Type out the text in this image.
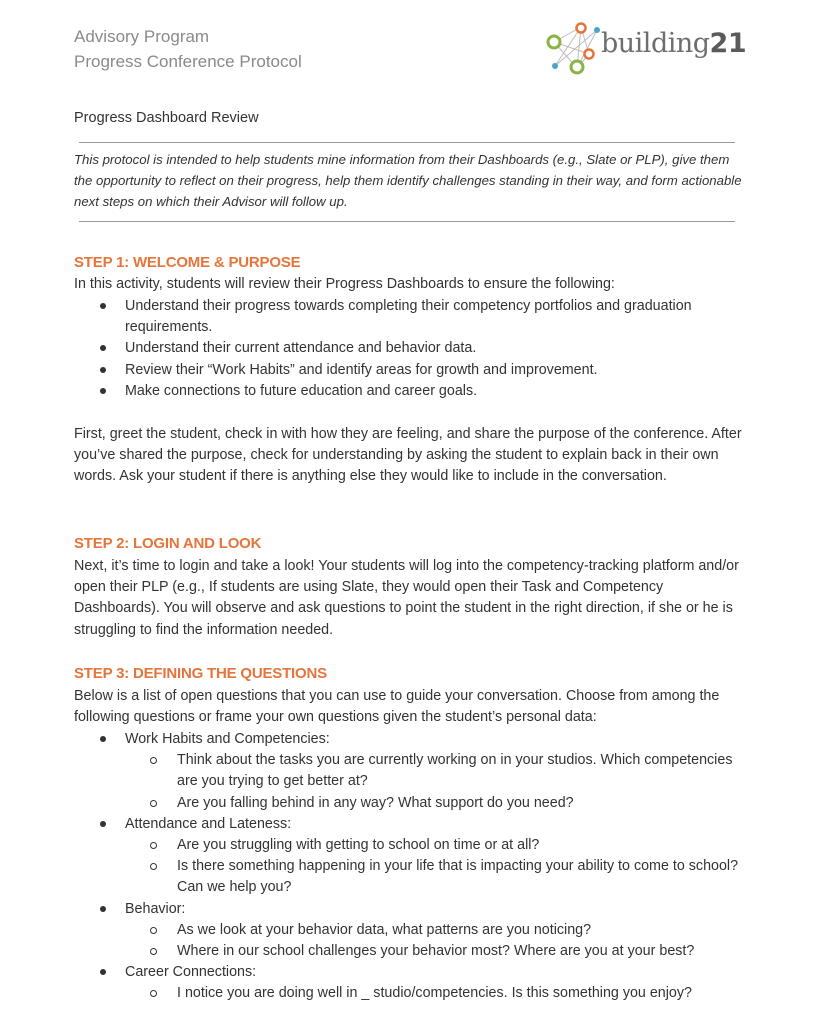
Advisory Program
Progress Conference Protocol
building21
Progress Dashboard Review
This protocol is intended to help students mine information from their Dashboards (e.g., Slate or PLP), give them the opportunity to reflect on their progress, help them identify challenges standing in their way, and form actionable next steps on which their Advisor will follow up.
STEP 1: WELCOME & PURPOSE
In this activity, students will review their Progress Dashboards to ensure the following:
Understand their progress towards completing their competency portfolios and graduation requirements.
Understand their current attendance and behavior data.
Review their “Work Habits” and identify areas for growth and improvement.
Make connections to future education and career goals.
First, greet the student, check in with how they are feeling, and share the purpose of the conference. After you’ve shared the purpose, check for understanding by asking the student to explain back in their own words. Ask your student if there is anything else they would like to include in the conversation.
STEP 2: LOGIN AND LOOK
Next, it’s time to login and take a look! Your students will log into the competency-tracking platform and/or open their PLP (e.g., If students are using Slate, they would open their Task and Competency Dashboards). You will observe and ask questions to point the student in the right direction, if she or he is struggling to find the information needed.
STEP 3: DEFINING THE QUESTIONS
Below is a list of open questions that you can use to guide your conversation. Choose from among the following questions or frame your own questions given the student’s personal data:
Work Habits and Competencies:
Think about the tasks you are currently working on in your studios. Which competencies are you trying to get better at?
Are you falling behind in any way? What support do you need?
Attendance and Lateness:
Are you struggling with getting to school on time or at all?
Is there something happening in your life that is impacting your ability to come to school? Can we help you?
Behavior:
As we look at your behavior data, what patterns are you noticing?
Where in our school challenges your behavior most? Where are you at your best?
Career Connections:
I notice you are doing well in _ studio/competencies. Is this something you enjoy?
